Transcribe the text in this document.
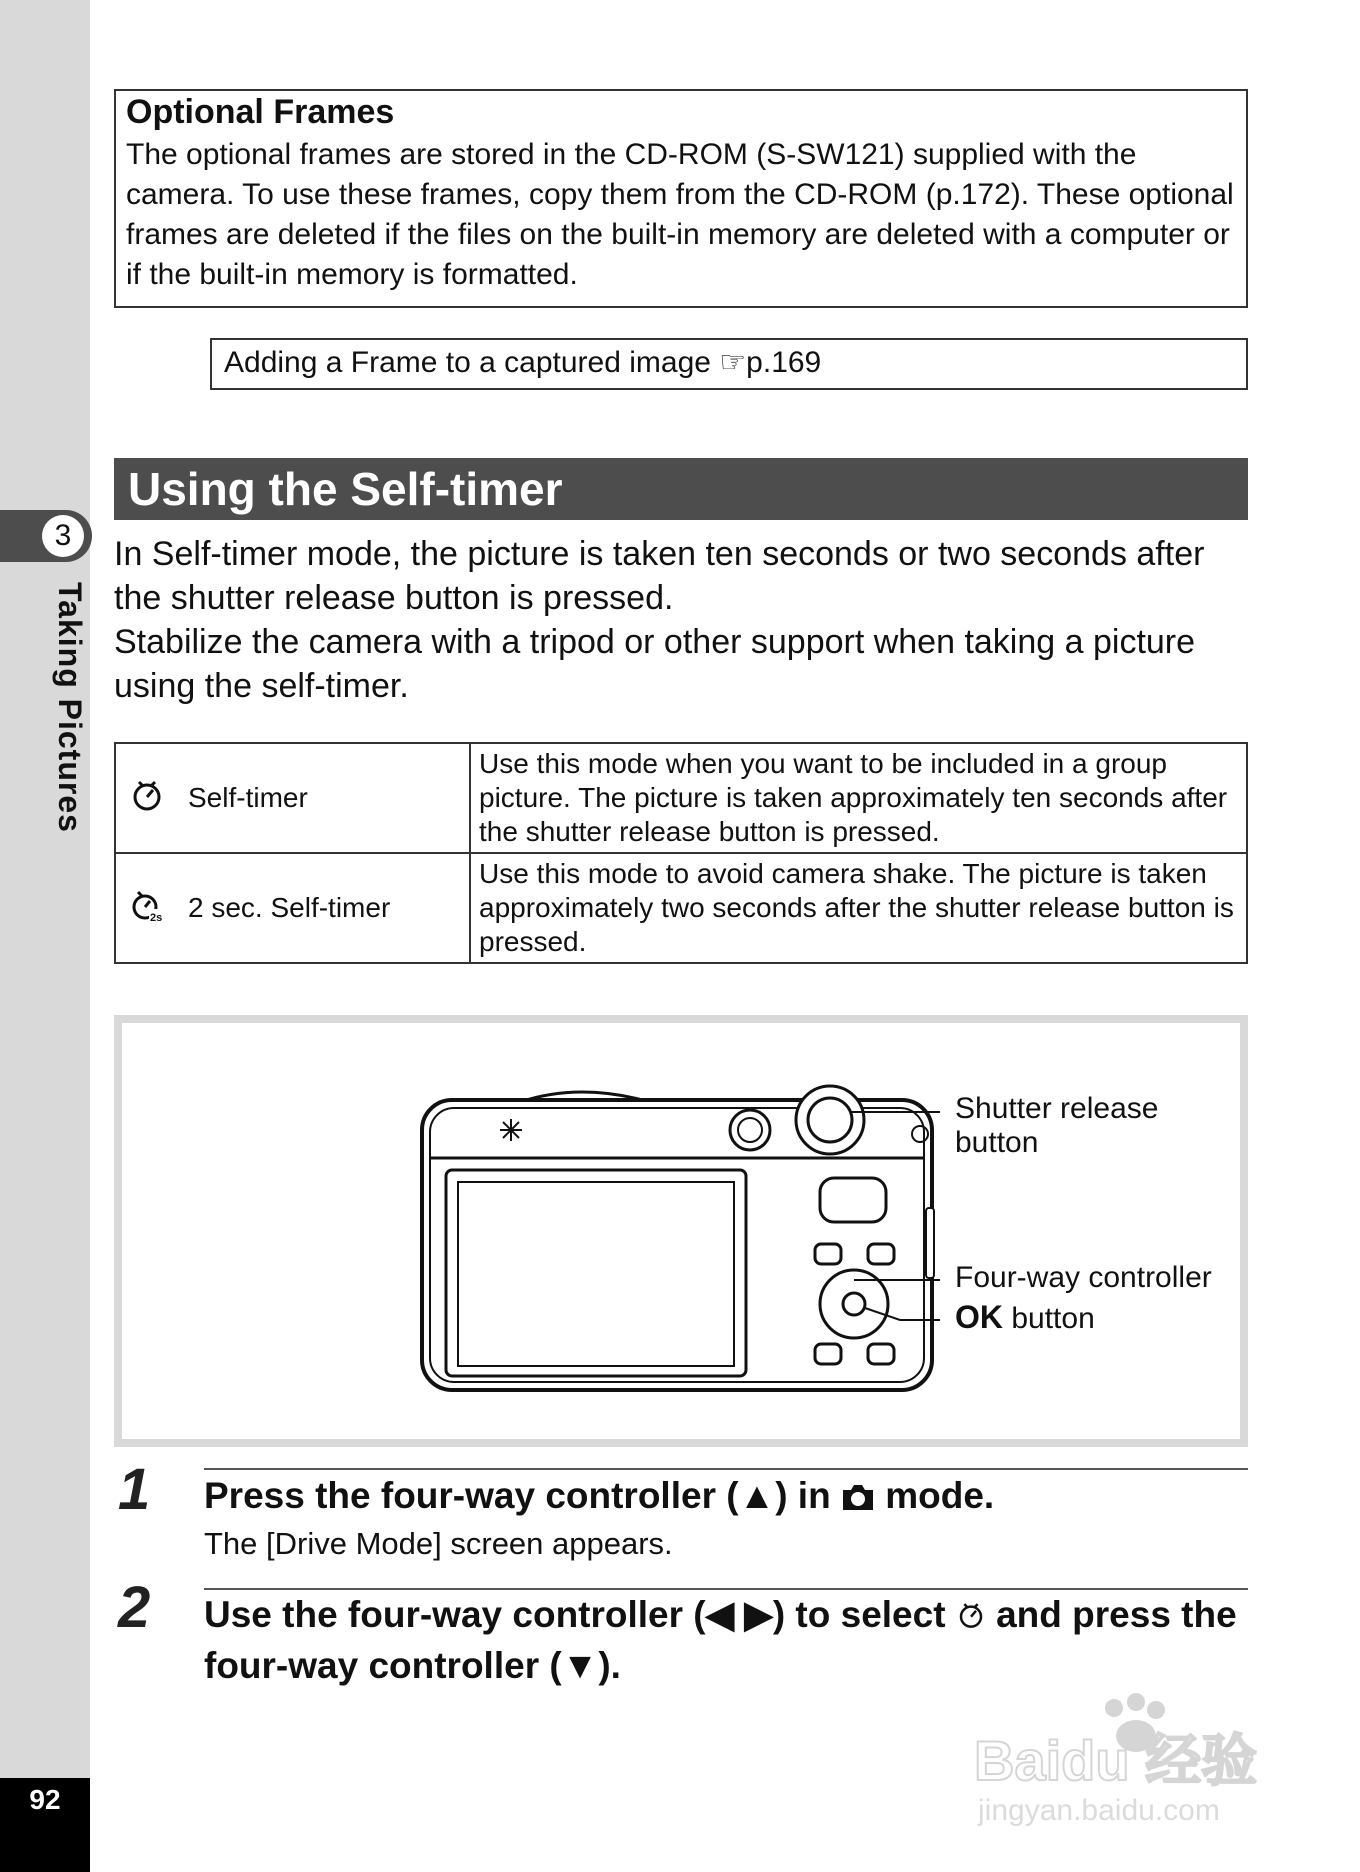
3
Taking Pictures
92
Optional Frames
The optional frames are stored in the CD-ROM (S-SW121) supplied with the camera. To use these frames, copy them from the CD-ROM (p.172). These optional frames are deleted if the files on the built-in memory are deleted with a computer or if the built-in memory is formatted.
Adding a Frame to a captured image ☞p.169
Using the Self-timer
In Self-timer mode, the picture is taken ten seconds or two seconds after the shutter release button is pressed.
Stabilize the camera with a tripod or other support when taking a picture using the self-timer.
	Self-timer	Use this mode when you want to be included in a group picture. The picture is taken approximately ten seconds after the shutter release button is pressed.

2s	2 sec. Self-timer	Use this mode to avoid camera shake. The picture is taken approximately two seconds after the shutter release button is pressed.
Shutter release
button
Four-way controller
OK button
1 Press the four-way controller (▲) in mode.
The [Drive Mode] screen appears.
2 Use the four-way controller (◀ ▶) to select and press the four-way controller (▼).
Baidu 经验
jingyan.baidu.com
